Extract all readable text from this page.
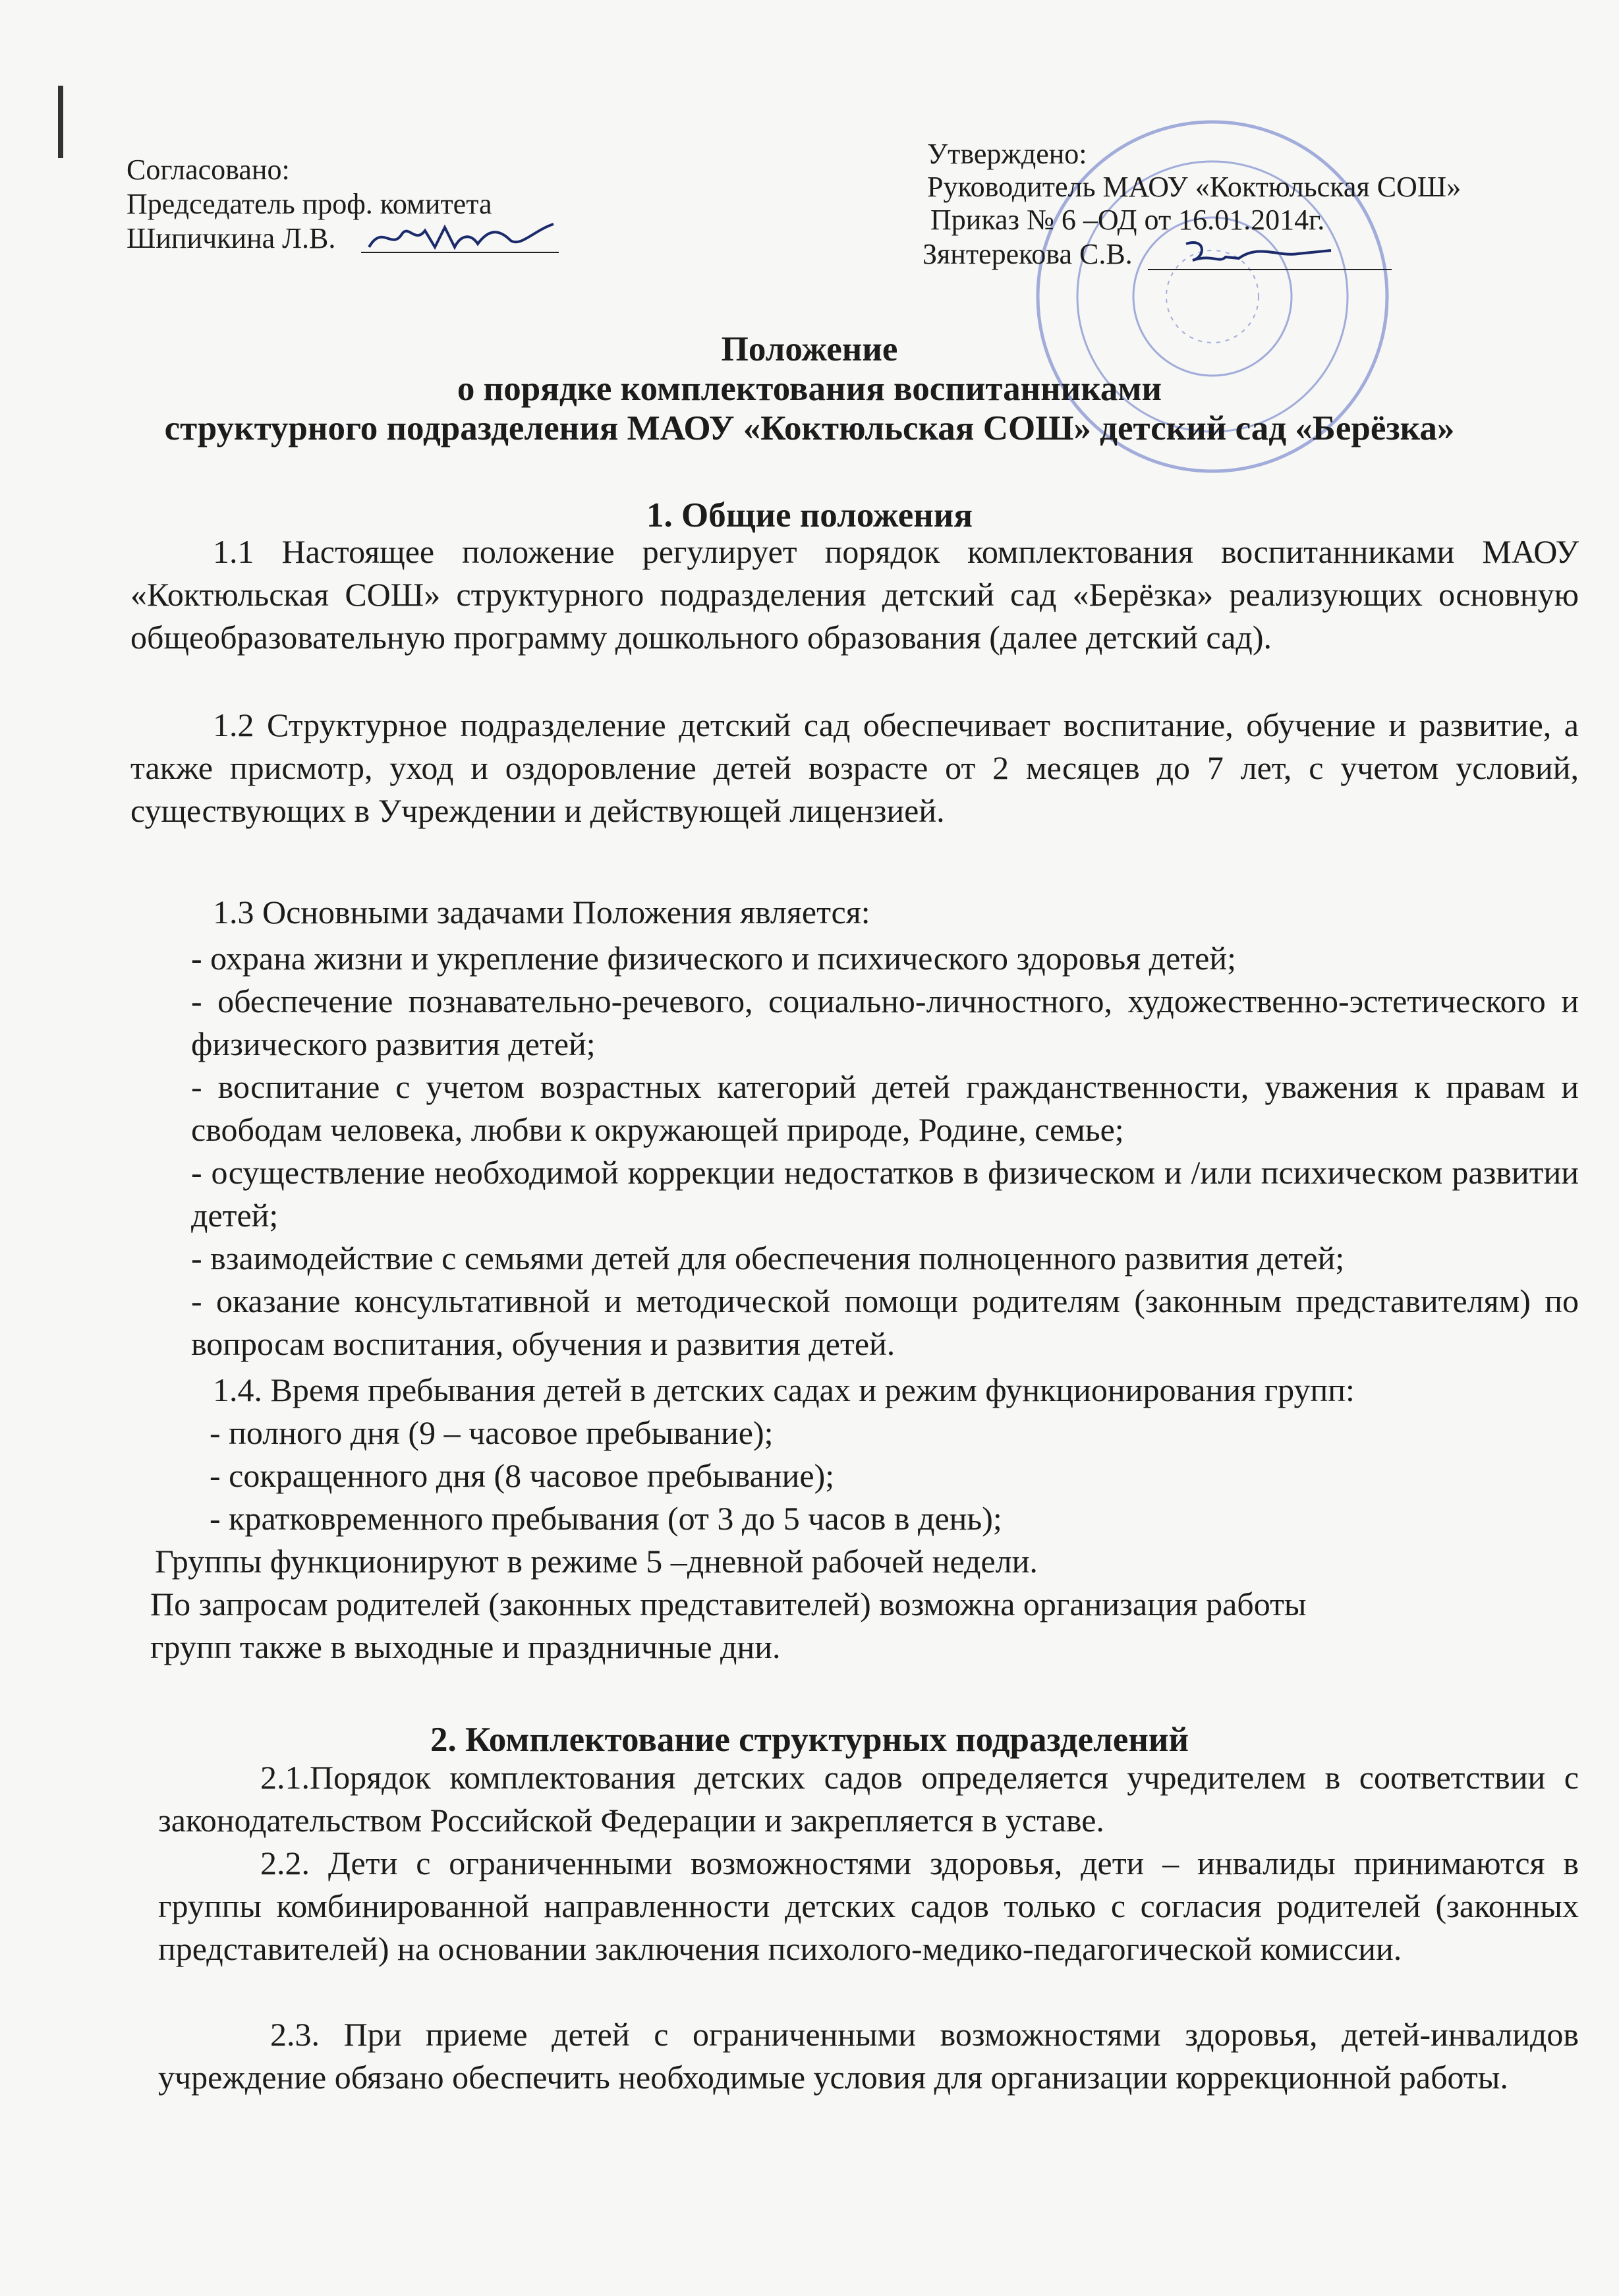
Согласовано:
Председатель проф. комитета
Шипичкина Л.В.
Утверждено:
Руководитель МАОУ «Коктюльская СОШ»
Приказ № 6 –ОД от 16.01.2014г.
Зянтерекова С.В.
Положение
о порядке комплектования воспитанниками
структурного подразделения МАОУ «Коктюльская СОШ» детский сад «Берёзка»
1. Общие положения
1.1 Настоящее положение регулирует порядок комплектования воспитанниками МАОУ «Коктюльская СОШ» структурного подразделения детский сад «Берёзка» реализующих основную общеобразовательную программу дошкольного образования (далее детский сад).
1.2 Структурное подразделение детский сад обеспечивает воспитание, обучение и развитие, а также присмотр, уход и оздоровление детей возрасте от 2 месяцев до 7 лет, с учетом условий, существующих в Учреждении и действующей лицензией.
1.3 Основными задачами Положения является:
- охрана жизни и укрепление физического и психического здоровья детей;
- обеспечение познавательно-речевого, социально-личностного, художественно-эстетического и физического развития детей;
- воспитание с учетом возрастных категорий детей гражданственности, уважения к правам и свободам человека, любви к окружающей природе, Родине, семье;
- осуществление необходимой коррекции недостатков в физическом и /или психическом развитии детей;
- взаимодействие с семьями детей для обеспечения полноценного развития детей;
- оказание консультативной и методической помощи родителям (законным представителям) по вопросам воспитания, обучения и развития детей.
1.4. Время пребывания детей в детских садах и режим функционирования групп:
- полного дня (9 – часовое пребывание);
- сокращенного дня (8 часовое пребывание);
- кратковременного пребывания (от 3 до 5 часов в день);
Группы функционируют в режиме 5 –дневной рабочей недели.
По запросам родителей (законных представителей) возможна организация работы
групп также в выходные и праздничные дни.
2. Комплектование структурных подразделений
2.1.Порядок комплектования детских садов определяется учредителем в соответствии с законодательством Российской Федерации и закрепляется в уставе.
2.2. Дети с ограниченными возможностями здоровья, дети – инвалиды принимаются в группы комбинированной направленности детских садов только с согласия родителей (законных представителей) на основании заключения психолого-медико-педагогической комиссии.
2.3. При приеме детей с ограниченными возможностями здоровья, детей-инвалидов учреждение обязано обеспечить необходимые условия для организации коррекционной работы.
